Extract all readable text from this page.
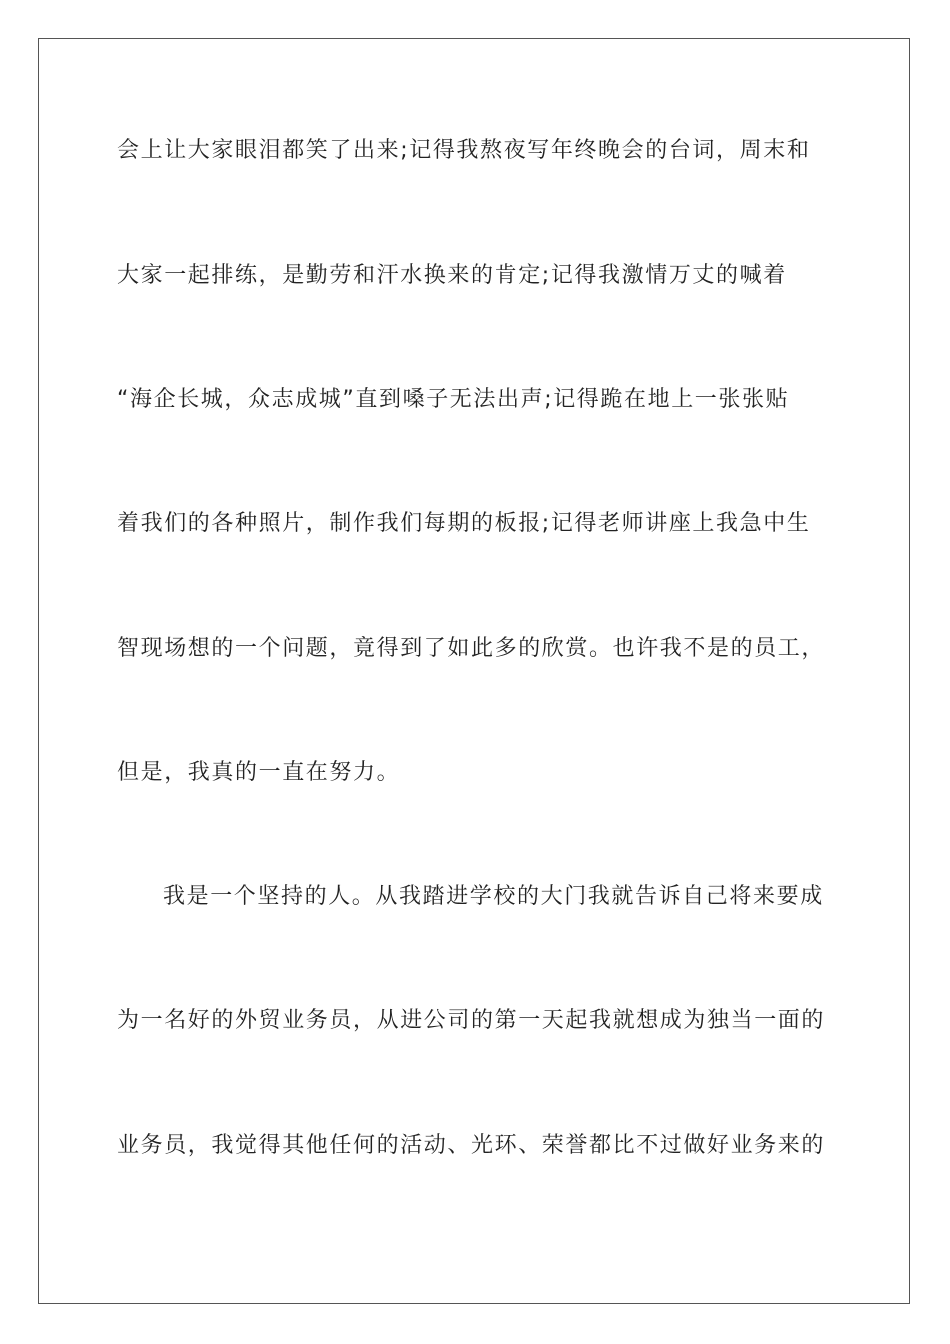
会上让大家眼泪都笑了出来;记得我熬夜写年终晚会的台词，周末和
大家一起排练，是勤劳和汗水换来的肯定;记得我激情万丈的喊着
“海企长城，众志成城”直到嗓子无法出声;记得跪在地上一张张贴
着我们的各种照片，制作我们每期的板报;记得老师讲座上我急中生
智现场想的一个问题，竟得到了如此多的欣赏。也许我不是的员工，
但是，我真的一直在努力。
我是一个坚持的人。从我踏进学校的大门我就告诉自己将来要成
为一名好的外贸业务员，从进公司的第一天起我就想成为独当一面的
业务员，我觉得其他任何的活动、光环、荣誉都比不过做好业务来的
